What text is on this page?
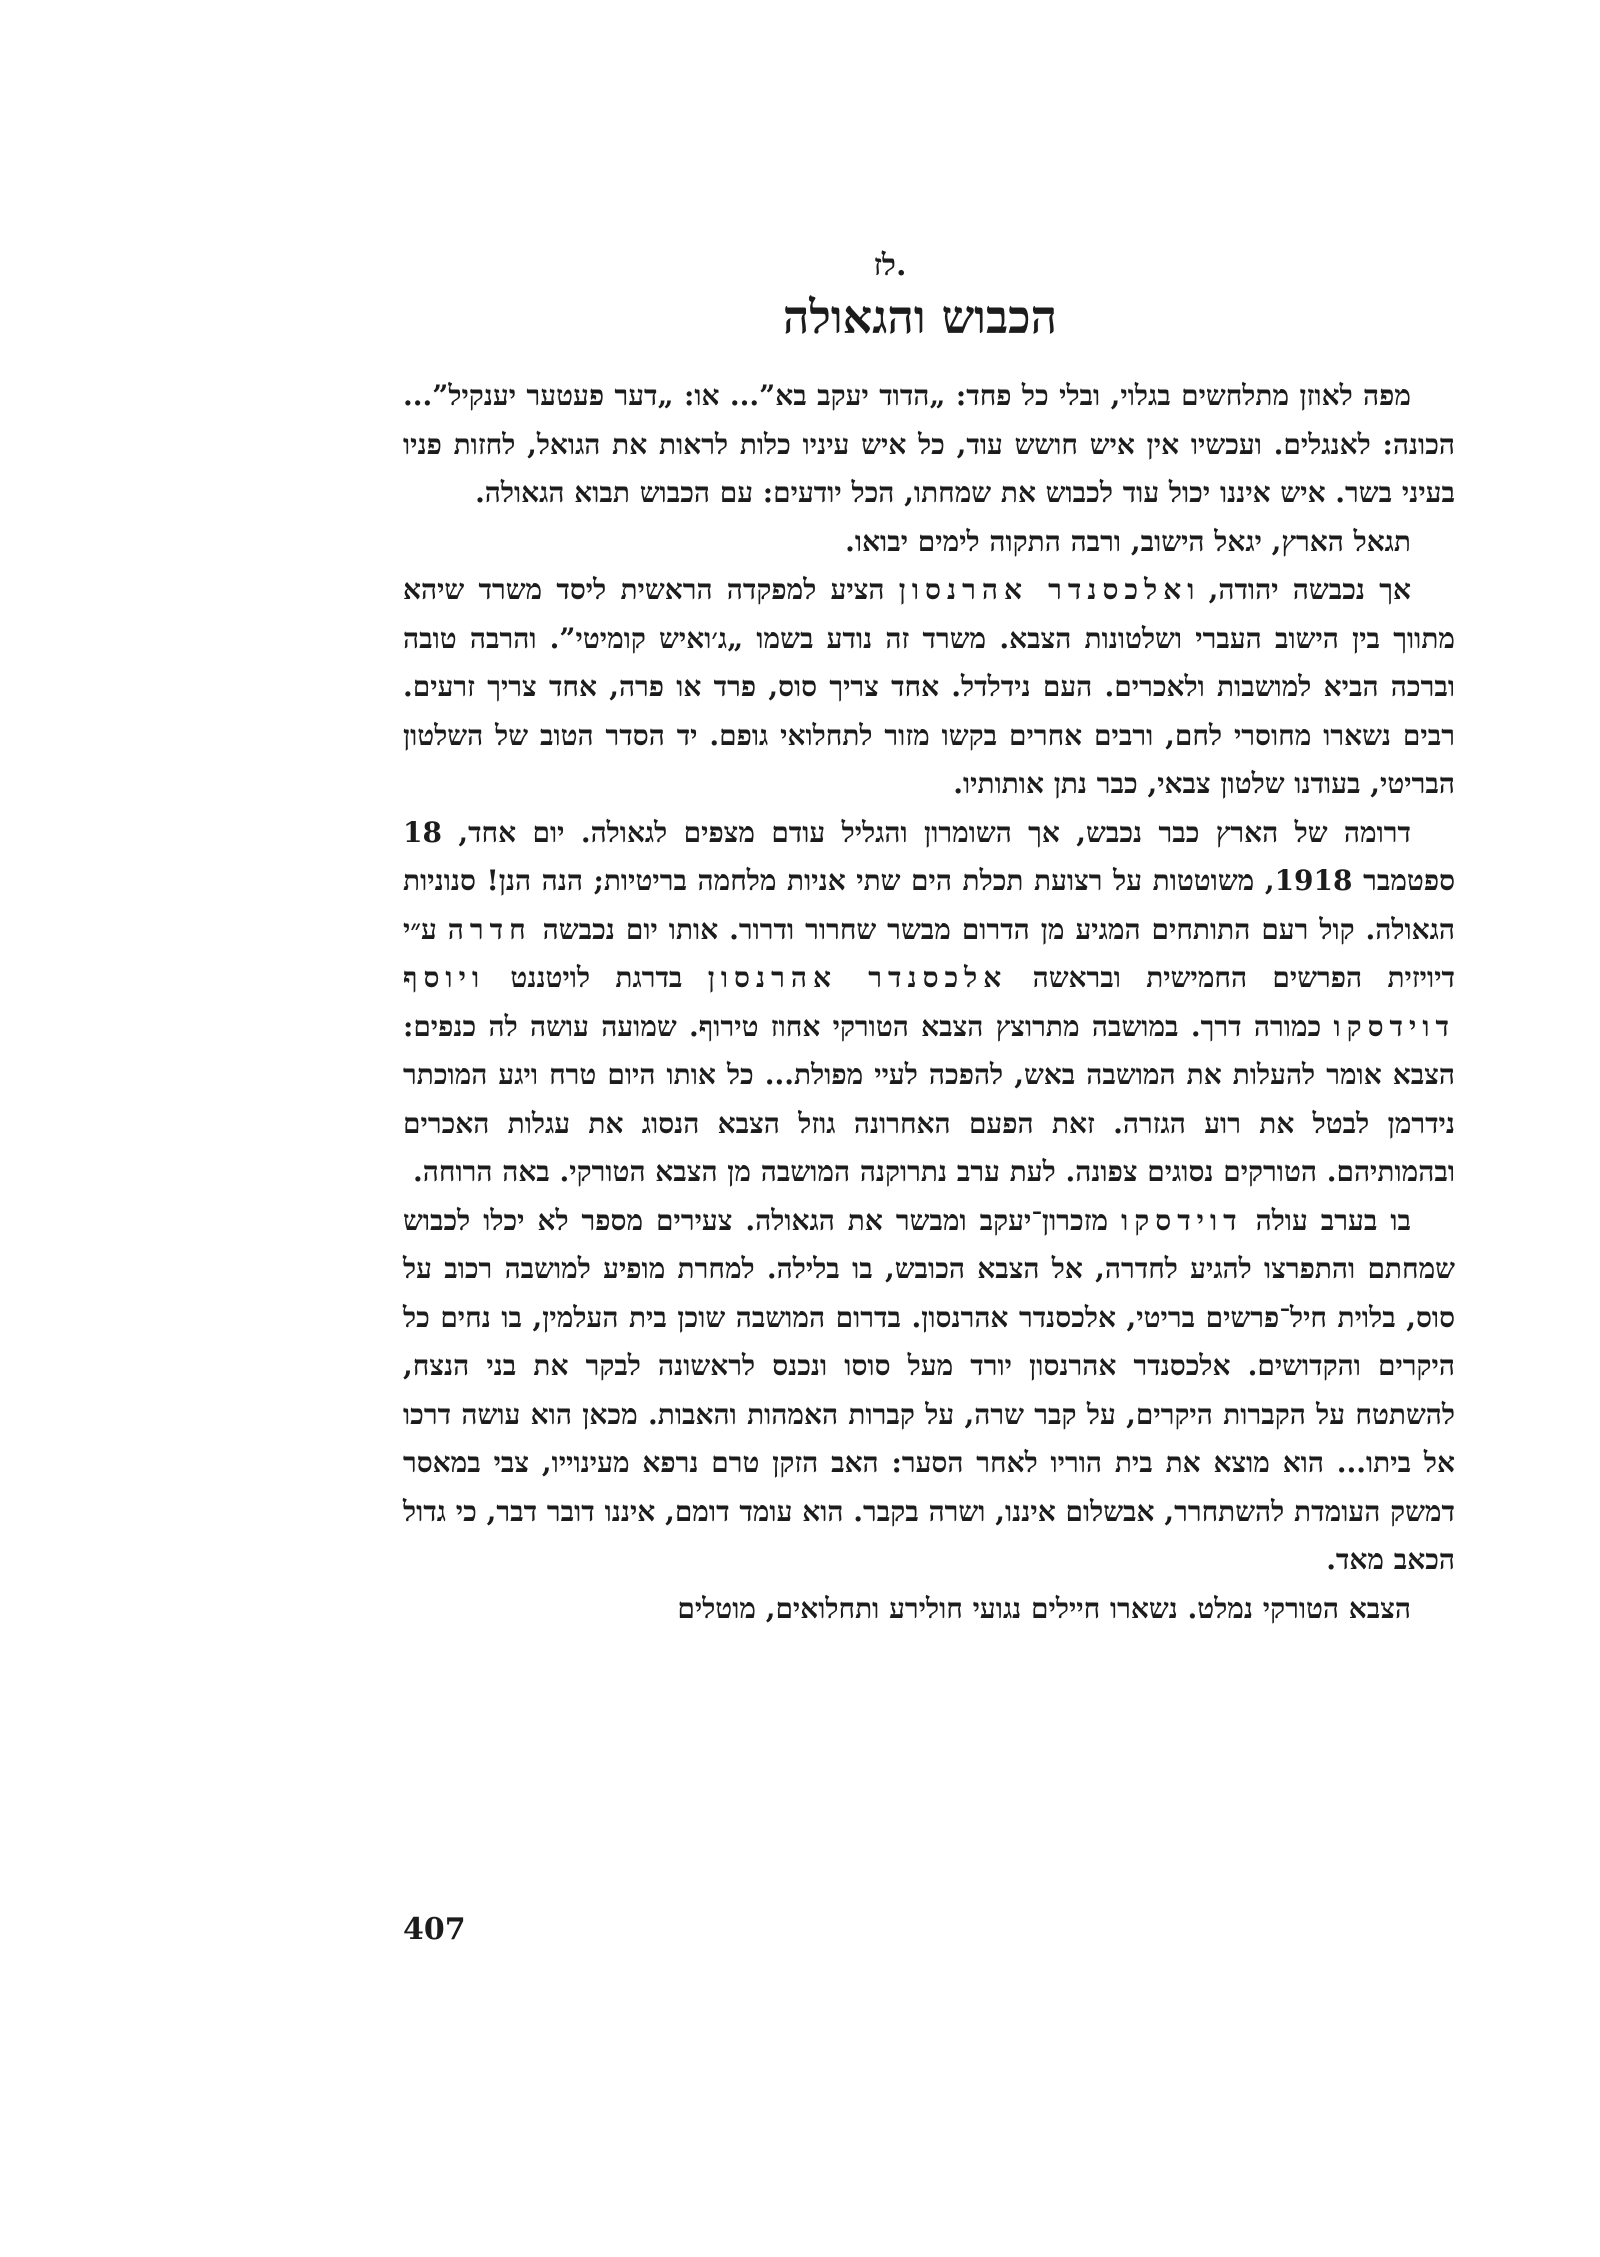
לז.
הכבוש והגאולה

מפה לאוזן מתלחשים בגלוי, ובלי כל פחד: „הדוד יעקב בא”... או: „דער פעטער יענקיל”... הכונה: לאנגלים. ועכשיו אין איש חושש עוד, כל איש עיניו כלות לראות את הגואל, לחזות פניו בעיני בשר. איש איננו יכול עוד לכבוש את שמחתו, הכל יודעים: עם הכבוש תבוא הגאולה.

תגאל הארץ, יגאל הישוב, ורבה התקוה לימים יבואו.

אך נכבשה יהודה, ואלכסנדר אהרנסון הציע למפקדה הראשית ליסד משרד שיהא מתווך בין הישוב העברי ושלטונות הצבא. משרד זה נודע בשמו „ג׳ואיש קומיטי”. והרבה טובה וברכה הביא למושבות ולאכרים. העם נידלדל. אחד צריך סוס, פרד או פרה, אחד צריך זרעים. רבים נשארו מחוסרי לחם, ורבים אחרים בקשו מזור לתחלואי גופם. יד הסדר הטוב של השלטון הבריטי, בעודנו שלטון צבאי, כבר נתן אותותיו.

דרומה של הארץ כבר נכבש, אך השומרון והגליל עודם מצפים לגאולה. יום אחד, 18 ספטמבר 1918, משוטטות על רצועת תכלת הים שתי אניות מלחמה בריטיות; הנה הנן! סנוניות הגאולה. קול רעם התותחים המגיע מן הדרום מבשר שחרור ודרור. אותו יום נכבשה חדרה ע״י דיויזית הפרשים החמישית ובראשה אלכסנדר אהרנסון בדרגת לויטננט ויוסף דוידסקו כמורה דרך. במושבה מתרוצץ הצבא הטורקי אחוז טירוף. שמועה עושה לה כנפים: הצבא אומר להעלות את המושבה באש, להפכה לעיי מפולת... כל אותו היום טרח ויגע המוכתר נידרמן לבטל את רוע הגזרה. זאת הפעם האחרונה גוזל הצבא הנסוג את עגלות האכרים ובהמותיהם. הטורקים נסוגים צפונה. לעת ערב נתרוקנה המושבה מן הצבא הטורקי. באה הרוחה.

בו בערב עולה דוידסקו מזכרון־יעקב ומבשר את הגאולה. צעירים מספר לא יכלו לכבוש שמחתם והתפרצו להגיע לחדרה, אל הצבא הכובש, בו בלילה. למחרת מופיע למושבה רכוב על סוס, בלוית חיל־פרשים בריטי, אלכסנדר אהרנסון. בדרום המושבה שוכן בית העלמין, בו נחים כל היקרים והקדושים. אלכסנדר אהרנסון יורד מעל סוסו ונכנס לראשונה לבקר את בני הנצח, להשתטח על הקברות היקרים, על קבר שרה, על קברות האמהות והאבות. מכאן הוא עושה דרכו אל ביתו... הוא מוצא את בית הוריו לאחר הסער: האב הזקן טרם נרפא מעינוייו, צבי במאסר דמשק העומדת להשתחרר, אבשלום איננו, ושרה בקבר. הוא עומד דומם, איננו דובר דבר, כי גדול הכאב מאד.

הצבא הטורקי נמלט. נשארו חיילים נגועי חולירע ותחלואים, מוטלים

407
